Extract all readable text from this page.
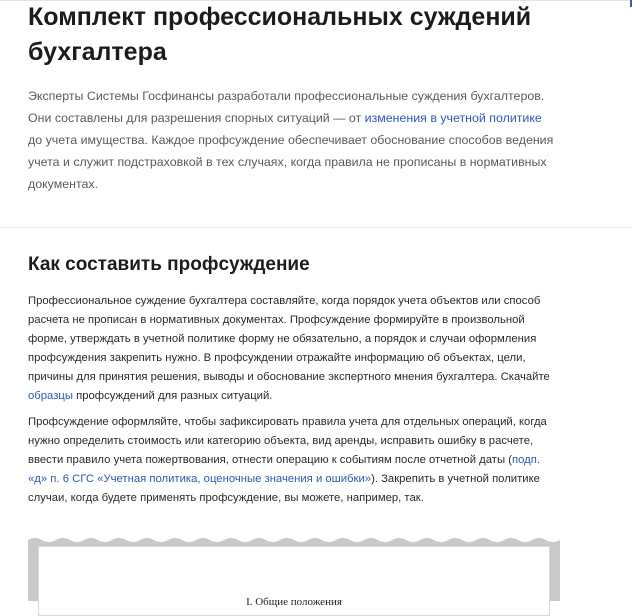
Комплект профессиональных суждений бухгалтера

Эксперты Системы Госфинансы разработали профессиональные суждения бухгалтеров. Они составлены для разрешения спорных ситуаций — от изменения в учетной политике до учета имущества. Каждое профсуждение обеспечивает обоснование способов ведения учета и служит подстраховкой в тех случаях, когда правила не прописаны в нормативных документах.

Как составить профсуждение

Профессиональное суждение бухгалтера составляйте, когда порядок учета объектов или способ расчета не прописан в нормативных документах. Профсуждение формируйте в произвольной форме, утверждать в учетной политике форму не обязательно, а порядок и случаи оформления профсуждения закрепить нужно. В профсуждении отражайте информацию об объектах, цели, причины для принятия решения, выводы и обоснование экспертного мнения бухгалтера. Скачайте образцы профсуждений для разных ситуаций.

Профсуждение оформляйте, чтобы зафиксировать правила учета для отдельных операций, когда нужно определить стоимость или категорию объекта, вид аренды, исправить ошибку в расчете, ввести правило учета пожертвования, отнести операцию к событиям после отчетной даты (подп. «д» п. 6 СГС «Учетная политика, оценочные значения и ошибки»). Закрепить в учетной политике случаи, когда будете применять профсуждение, вы можете, например, так.

I. Общие положения
